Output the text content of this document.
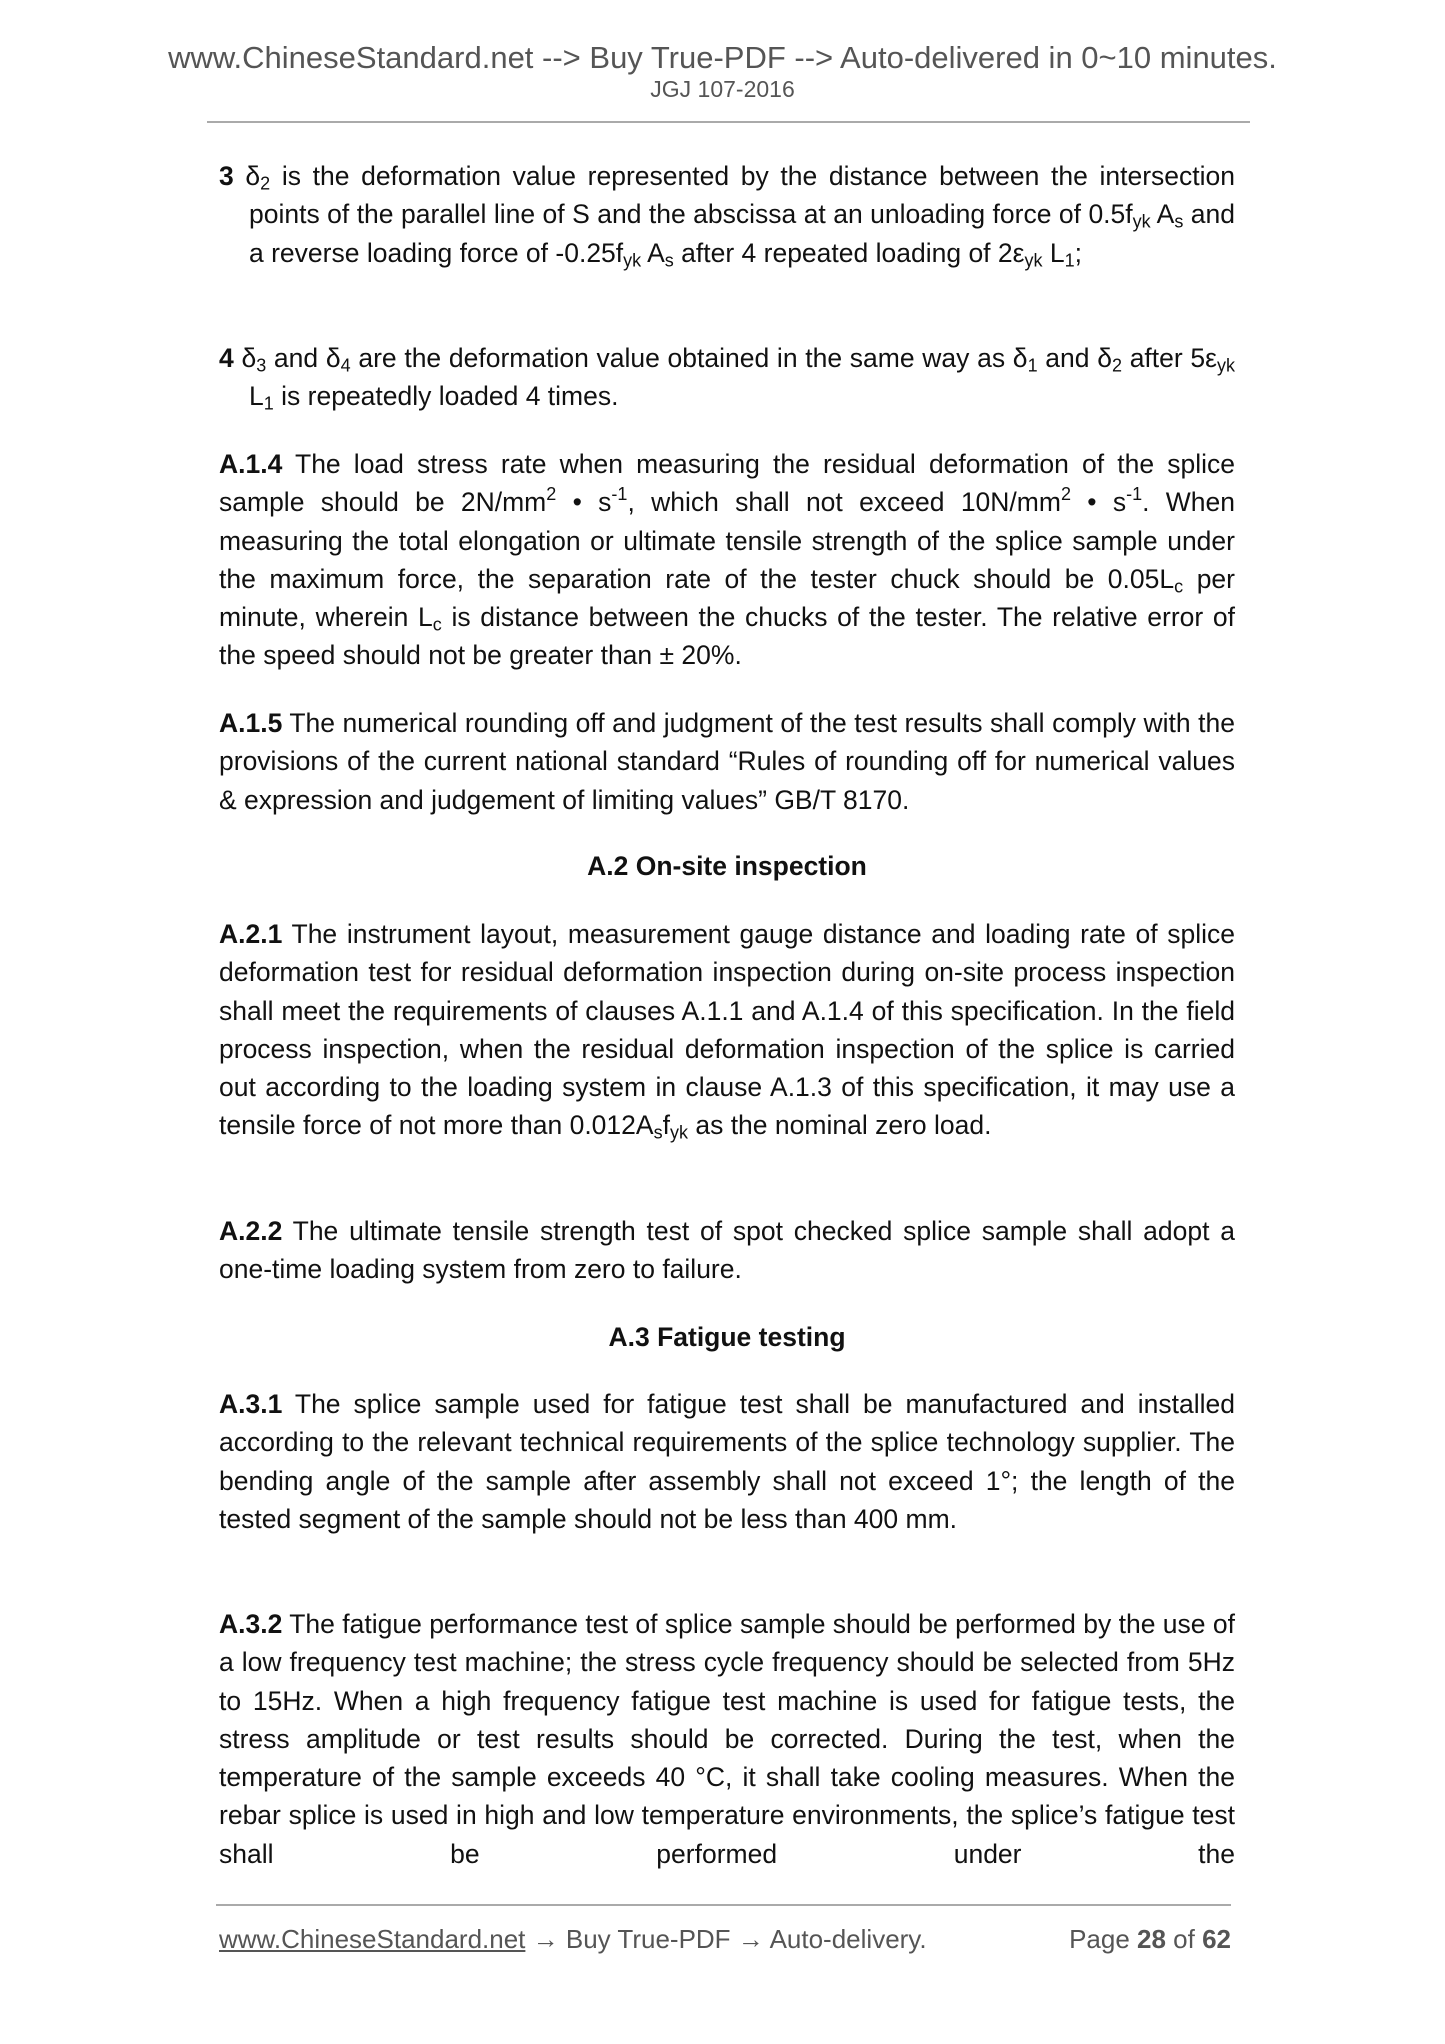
www.ChineseStandard.net --> Buy True-PDF --> Auto-delivered in 0~10 minutes.
JGJ 107-2016
3 $\delta_2$ is the deformation value represented by the distance between the intersection points of the parallel line of S and the abscissa at an unloading force of $0.5f_{yk}$ $A_s$ and a reverse loading force of $-0.25f_{yk}$ $A_s$ after 4 repeated loading of $2\varepsilon_{yk}$ $L_1$;
4 $\delta_3$ and $\delta_4$ are the deformation value obtained in the same way as $\delta_1$ and $\delta_2$ after $5\varepsilon_{yk}$ $L_1$ is repeatedly loaded 4 times.
A.1.4 The load stress rate when measuring the residual deformation of the splice sample should be $2N/mm^2$ • $s^{-1}$, which shall not exceed $10N/mm^2$ • $s^{-1}$. When measuring the total elongation or ultimate tensile strength of the splice sample under the maximum force, the separation rate of the tester chuck should be $0.05L_c$ per minute, wherein $L_c$ is distance between the chucks of the tester. The relative error of the speed should not be greater than ± 20%.
A.1.5 The numerical rounding off and judgment of the test results shall comply with the provisions of the current national standard “Rules of rounding off for numerical values & expression and judgement of limiting values” GB/T 8170.
A.2 On-site inspection
A.2.1 The instrument layout, measurement gauge distance and loading rate of splice deformation test for residual deformation inspection during on-site process inspection shall meet the requirements of clauses A.1.1 and A.1.4 of this specification. In the field process inspection, when the residual deformation inspection of the splice is carried out according to the loading system in clause A.1.3 of this specification, it may use a tensile force of not more than $0.012A_sf_{yk}$ as the nominal zero load.
A.2.2 The ultimate tensile strength test of spot checked splice sample shall adopt a one-time loading system from zero to failure.
A.3 Fatigue testing
A.3.1 The splice sample used for fatigue test shall be manufactured and installed according to the relevant technical requirements of the splice technology supplier. The bending angle of the sample after assembly shall not exceed 1°; the length of the tested segment of the sample should not be less than 400 mm.
A.3.2 The fatigue performance test of splice sample should be performed by the use of a low frequency test machine; the stress cycle frequency should be selected from 5Hz to 15Hz. When a high frequency fatigue test machine is used for fatigue tests, the stress amplitude or test results should be corrected. During the test, when the temperature of the sample exceeds 40 °C, it shall take cooling measures. When the rebar splice is used in high and low temperature environments, the splice’s fatigue test shall be performed under the
www.ChineseStandard.net → Buy True-PDF → Auto-delivery.	Page 28 of 62
